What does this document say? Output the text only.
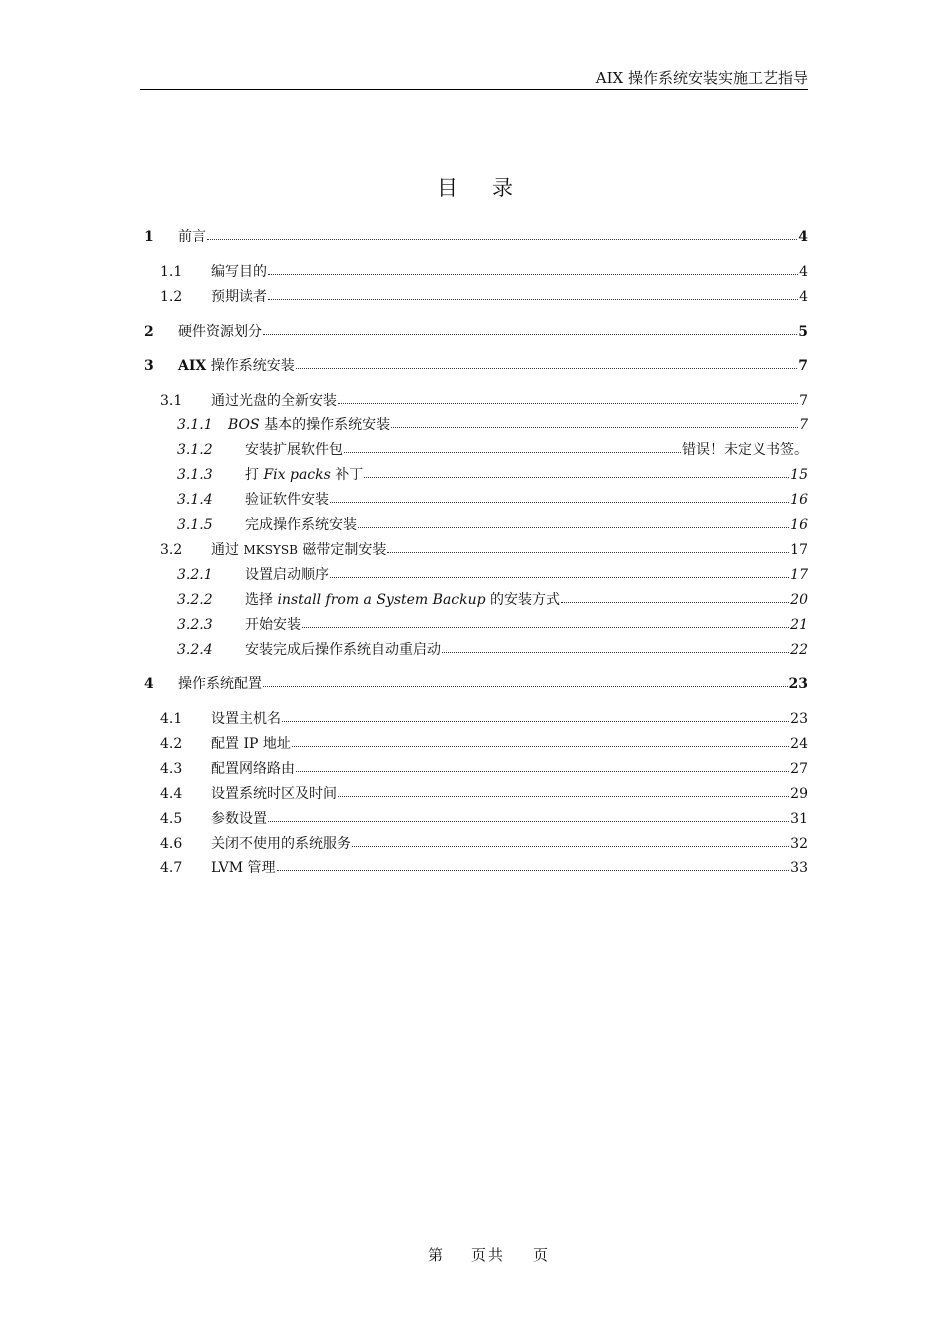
AIX 操作系统安装实施工艺指导
目录
1	前言	4
1.1	编写目的	4
1.2	预期读者	4
2	硬件资源划分	5
3	AIX 操作系统安装	7
3.1	通过光盘的全新安装	7
3.1.1	BOS 基本的操作系统安装	7
3.1.2	安装扩展软件包	错误！未定义书签。
3.1.3	打 Fix packs 补丁	15
3.1.4	验证软件安装	16
3.1.5	完成操作系统安装	16
3.2	通过 MKSYSB 磁带定制安装	17
3.2.1	设置启动顺序	17
3.2.2	选择 install from a System Backup 的安装方式	20
3.2.3	开始安装	21
3.2.4	安装完成后操作系统自动重启动	22
4	操作系统配置	23
4.1	设置主机名	23
4.2	配置 IP 地址	24
4.3	配置网络路由	27
4.4	设置系统时区及时间	29
4.5	参数设置	31
4.6	关闭不使用的系统服务	32
4.7	LVM 管理	33
第 页共 页
